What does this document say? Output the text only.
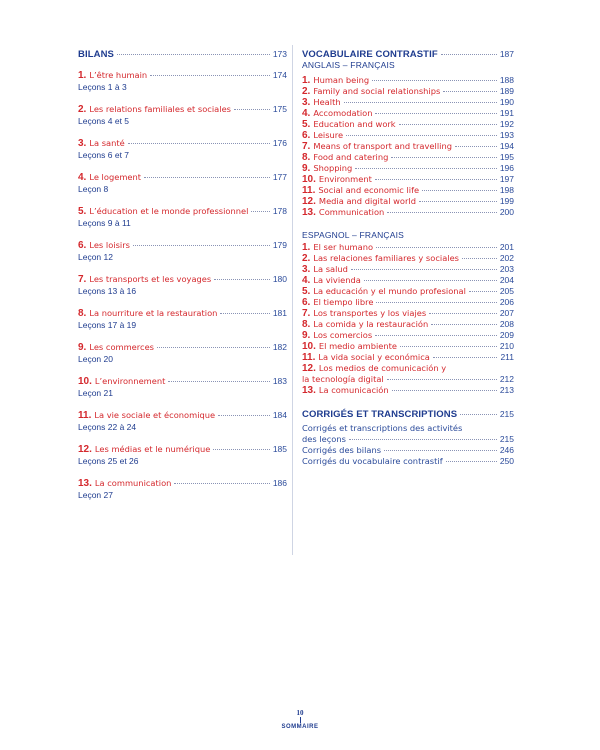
BILANS	173
1. L’être humain	174
Leçons 1 à 3
2. Les relations familiales et sociales	175
Leçons 4 et 5
3. La santé	176
Leçons 6 et 7
4. Le logement	177
Leçon 8
5. L’éducation et le monde professionnel	178
Leçons 9 à 11
6. Les loisirs	179
Leçon 12
7. Les transports et les voyages	180
Leçons 13 à 16
8. La nourriture et la restauration	181
Leçons 17 à 19
9. Les commerces	182
Leçon 20
10. L’environnement	183
Leçon 21
11. La vie sociale et économique	184
Leçons 22 à 24
12. Les médias et le numérique	185
Leçons 25 et 26
13. La communication	186
Leçon 27
VOCABULAIRE CONTRASTIF	187
ANGLAIS – FRANÇAIS
1. Human being	188
2. Family and social relationships	189
3. Health	190
4. Accomodation	191
5. Education and work	192
6. Leisure	193
7. Means of transport and travelling	194
8. Food and catering	195
9. Shopping	196
10. Environment	197
11. Social and economic life	198
12. Media and digital world	199
13. Communication	200
ESPAGNOL – FRANÇAIS
1. El ser humano	201
2. Las relaciones familiares y sociales	202
3. La salud	203
4. La vivienda	204
5. La educación y el mundo profesional	205
6. El tiempo libre	206
7. Los transportes y los viajes	207
8. La comida y la restauración	208
9. Los comercios	209
10. El medio ambiente	210
11. La vida social y económica	211
12. Los medios de comunicación y
la tecnología digital	212
13. La comunicación	213
CORRIGÉS ET TRANSCRIPTIONS	215
Corrigés et transcriptions des activités
des leçons	215
Corrigés des bilans	246
Corrigés du vocabulaire contrastif	250
10
SOMMAIRE
